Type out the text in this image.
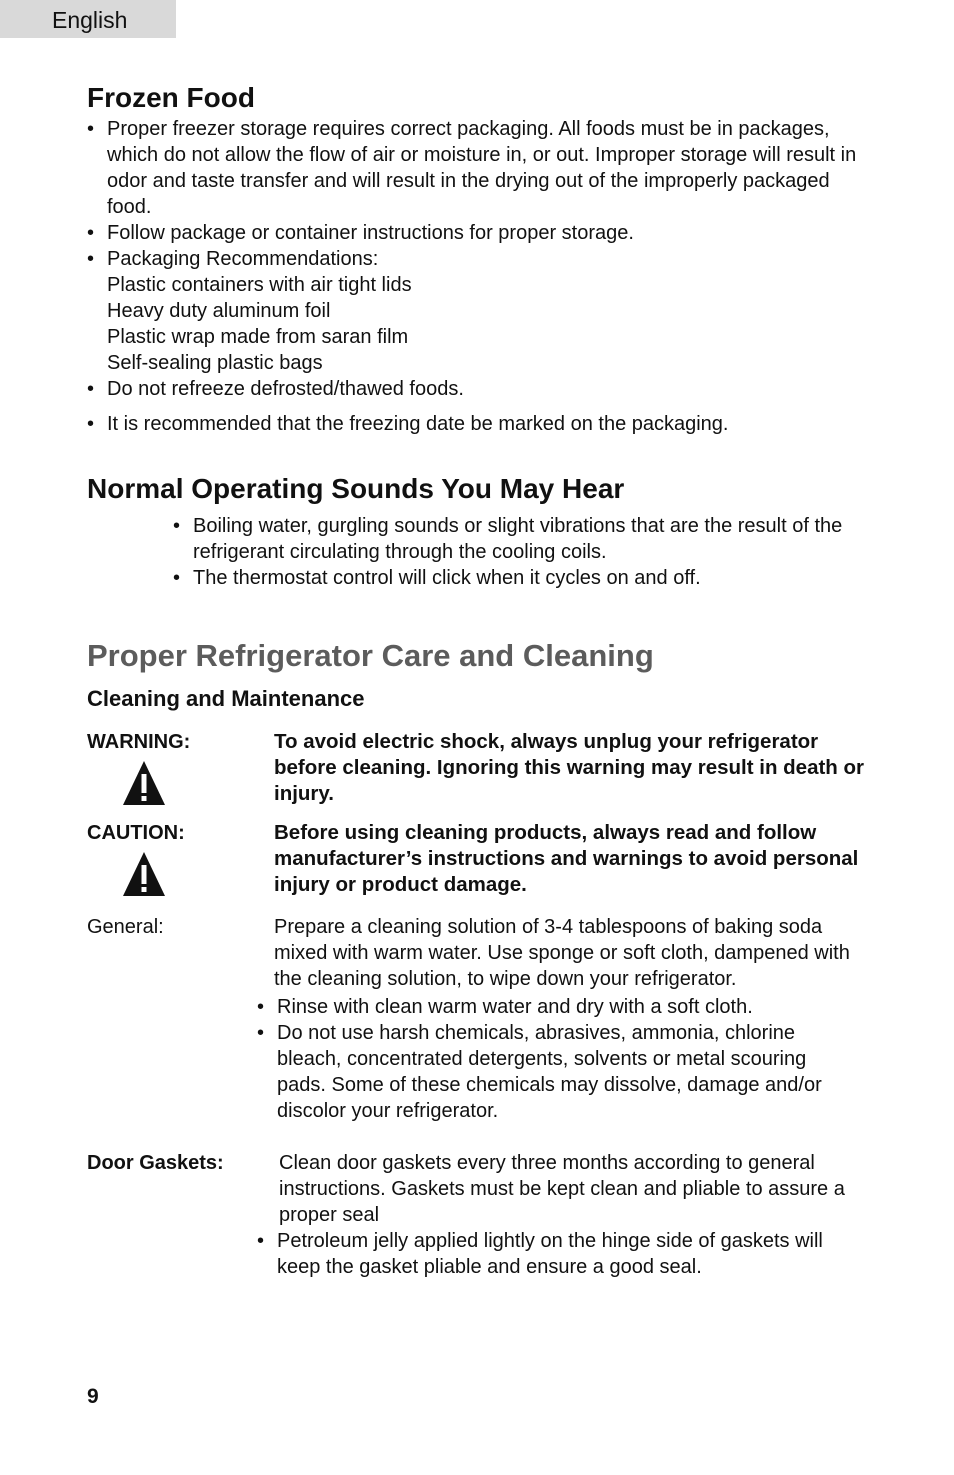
English
Frozen Food
• Proper freezer storage requires correct packaging. All foods must be in packages, which do not allow the flow of air or moisture in, or out. Improper storage will result in odor and taste transfer and will result in the drying out of the improperly packaged food.
• Follow package or container instructions for proper storage.
• Packaging Recommendations:
Plastic containers with air tight lids
Heavy duty aluminum foil
Plastic wrap made from saran film
Self-sealing plastic bags
• Do not refreeze defrosted/thawed foods.
• It is recommended that the freezing date be marked on the packaging.
Normal Operating Sounds You May Hear
• Boiling water, gurgling sounds or slight vibrations that are the result of the refrigerant circulating through the cooling coils.
• The thermostat control will click when it cycles on and off.
Proper Refrigerator Care and Cleaning
Cleaning and Maintenance
WARNING:	To avoid electric shock, always unplug your refrigerator before cleaning. Ignoring this warning may result in death or injury.

CAUTION:	Before using cleaning products, always read and follow manufacturer’s instructions and warnings to avoid personal injury or product damage.

General:	Prepare a cleaning solution of 3-4 tablespoons of baking soda mixed with warm water. Use sponge or soft cloth, dampened with the cleaning solution, to wipe down your refrigerator.

• Rinse with clean warm water and dry with a soft cloth.
• Do not use harsh chemicals, abrasives, ammonia, chlorine bleach, concentrated detergents, solvents or metal scouring pads. Some of these chemicals may dissolve, damage and/or discolor your refrigerator.
Door Gaskets:	Clean door gaskets every three months according to general instructions. Gaskets must be kept clean and pliable to assure a proper seal

• Petroleum jelly applied lightly on the hinge side of gaskets will keep the gasket pliable and ensure a good seal.
9
